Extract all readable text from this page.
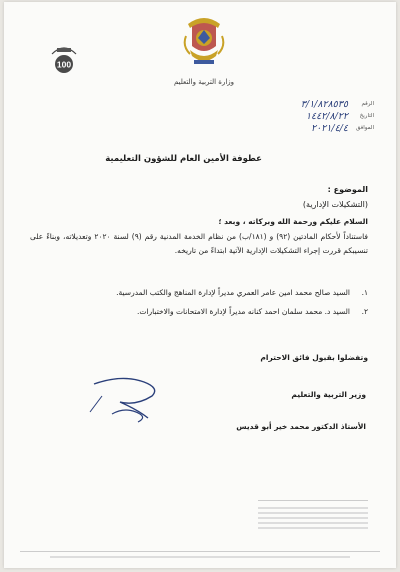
وزارة التربية والتعليم
100
الرقم
٣/١/٨٢٨٥٣٥
التاريخ
١٤٤٢/٨/٢٢
الموافق
٢٠٢١/٤/٤
عطوفة الأمين العام للشؤون التعليمية
الموضوع :
(التشكيلات الإدارية)
السلام عليكم ورحمة الله وبركاته ، وبعد ؛
فاستناداً لأحكام المادتين (٩٢) و (١٨١/ب) من نظام الخدمة المدنية رقم (٩) لسنة ٢٠٢٠ وتعديلاته، وبناءً على تنسيبكم قررت إجراء التشكيلات الإدارية الآتية ابتداءً من تاريخه.
١.
السيد صالح محمد امين عامر العمري مديراً لإدارة المناهج والكتب المدرسية.
٢.
السيد د. محمد سلمان احمد كنانه مديراً لإدارة الامتحانات والاختبارات.
وتفضلوا بقبول فائق الاحترام
وزير التربية والتعليم
الأستاذ الدكتور محمد خير أبو قديس
